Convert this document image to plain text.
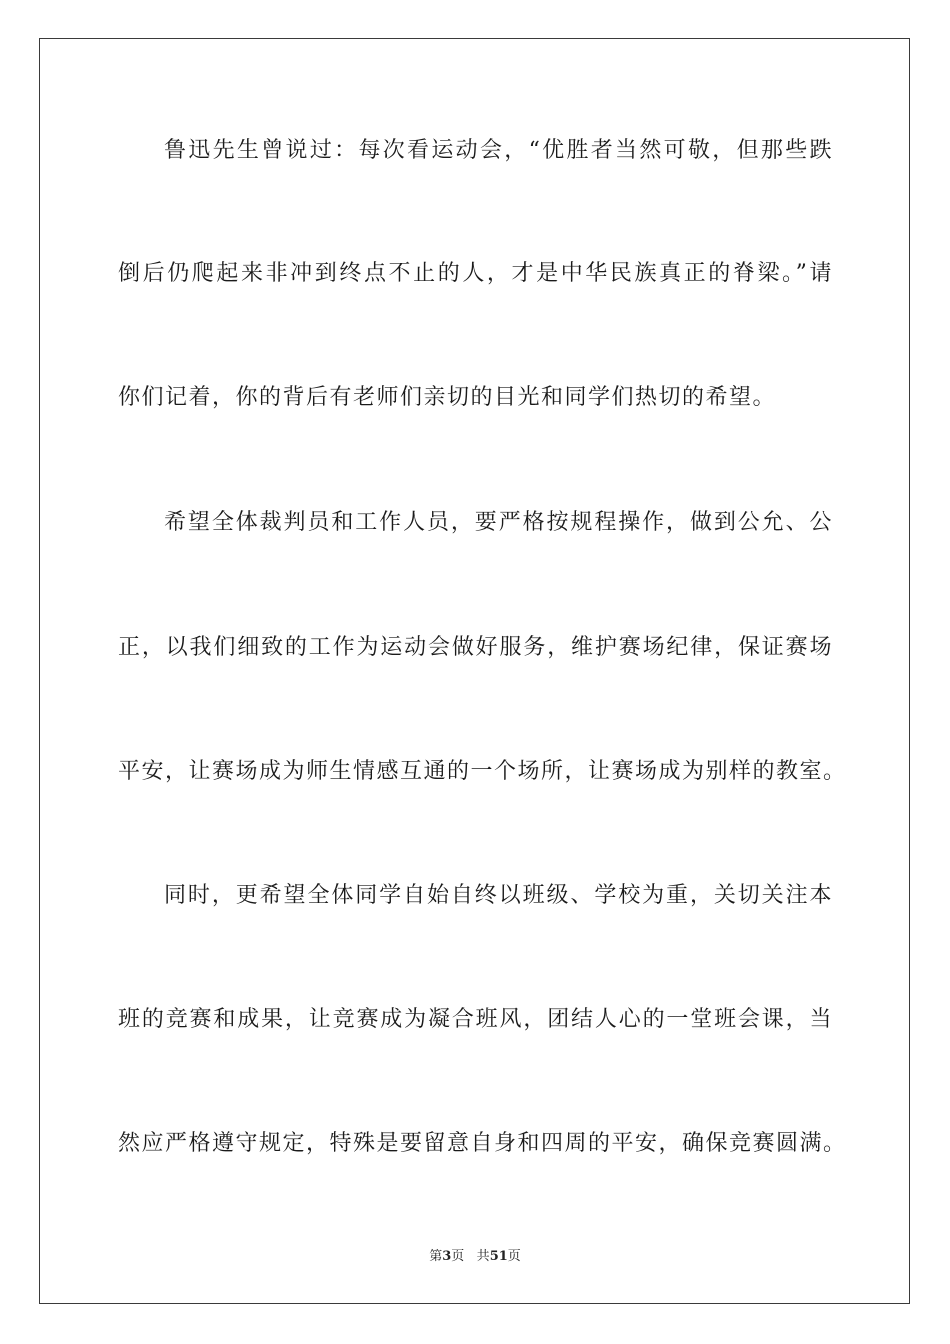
鲁迅先生曾说过：每次看运动会，“优胜者当然可敬，但那些跌
倒后仍爬起来非冲到终点不止的人，才是中华民族真正的脊梁。”请
你们记着，你的背后有老师们亲切的目光和同学们热切的希望。
希望全体裁判员和工作人员，要严格按规程操作，做到公允、公
正，以我们细致的工作为运动会做好服务，维护赛场纪律，保证赛场
平安，让赛场成为师生情感互通的一个场所，让赛场成为别样的教室。
同时，更希望全体同学自始自终以班级、学校为重，关切关注本
班的竞赛和成果，让竞赛成为凝合班风，团结人心的一堂班会课，当
然应严格遵守规定，特殊是要留意自身和四周的平安，确保竞赛圆满。
第3页 共51页
